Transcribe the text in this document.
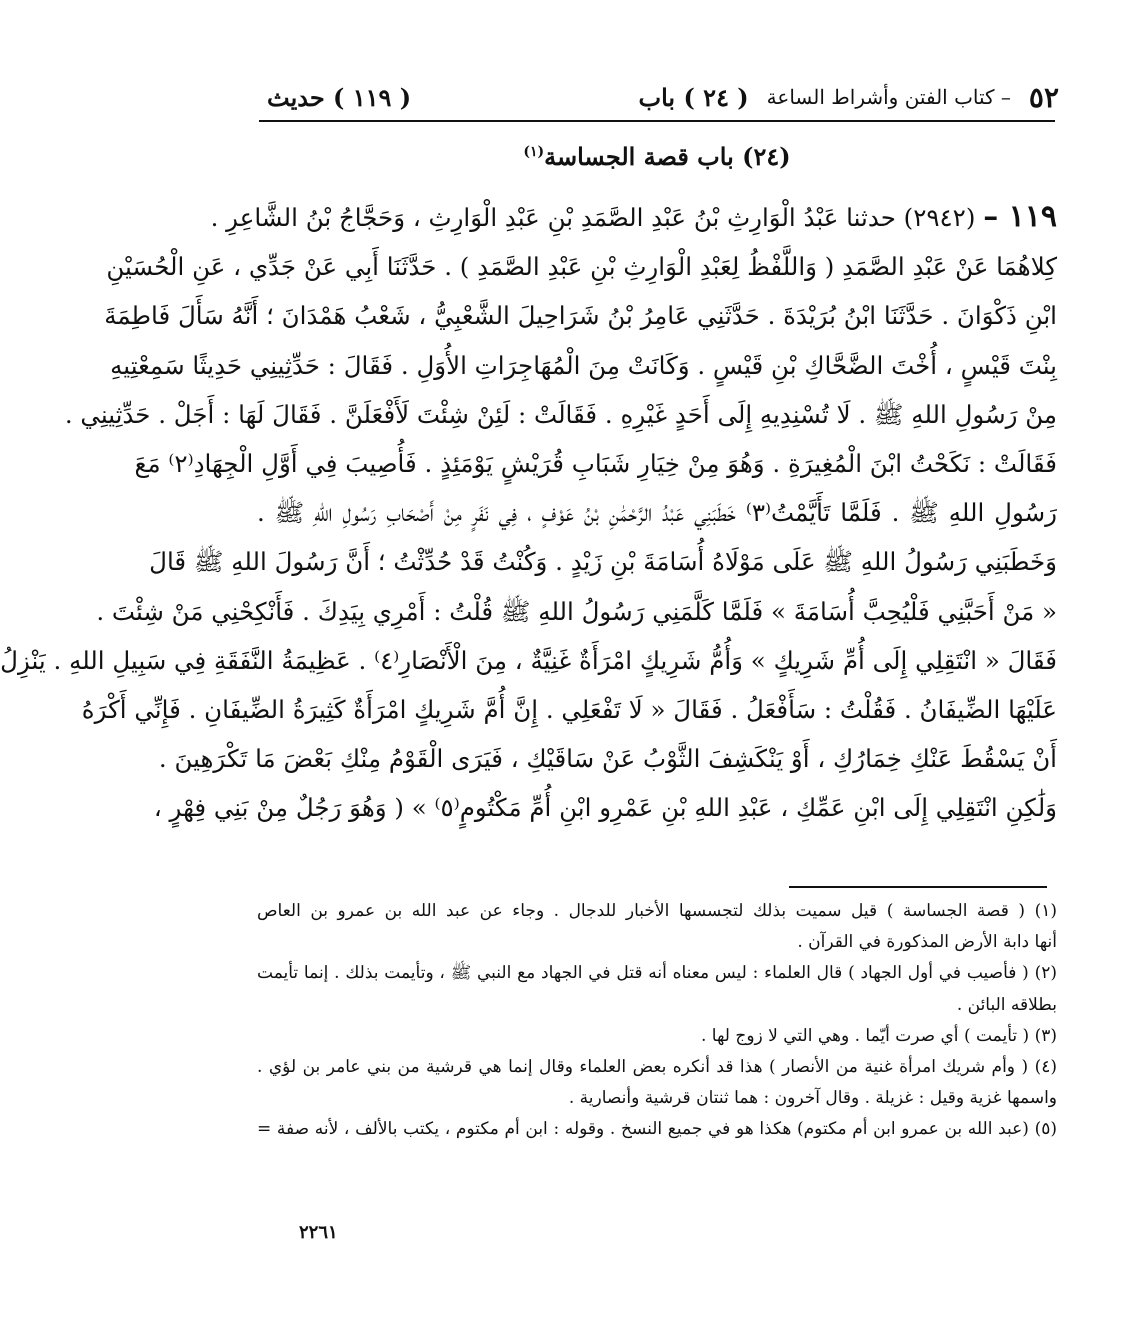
٥٢
– كتاب الفتن وأشراط الساعة
( ٢٤ ) باب
( ١١٩ ) حديث
(٢٤) باب قصة الجساسة$^{(١)}$
١١٩ – (٢٩٤٢) حدثنا عَبْدُ الْوَارِثِ بْنُ عَبْدِ الصَّمَدِ بْنِ عَبْدِ الْوَارِثِ ، وَحَجَّاجُ بْنُ الشَّاعِرِ .
كِلاهُمَا عَنْ عَبْدِ الصَّمَدِ ( وَاللَّفْظُ لِعَبْدِ الْوَارِثِ بْنِ عَبْدِ الصَّمَدِ ) . حَدَّثَنَا أَبِي عَنْ جَدِّي ، عَنِ الْحُسَيْنِ
ابْنِ ذَكْوَانَ . حَدَّثَنَا ابْنُ بُرَيْدَةَ . حَدَّثَنِي عَامِرُ بْنُ شَرَاحِيلَ الشَّعْبِيُّ ، شَعْبُ هَمْدَانَ ؛ أَنَّهُ سَأَلَ فَاطِمَةَ
بِنْتَ قَيْسٍ ، أُخْتَ الضَّحَّاكِ بْنِ قَيْسٍ . وَكَانَتْ مِنَ الْمُهَاجِرَاتِ الأُوَلِ . فَقَالَ : حَدِّثِينِي حَدِيثًا سَمِعْتِيهِ
مِنْ رَسُولِ اللهِ ﷺ . لَا تُسْنِدِيهِ إِلَى أَحَدٍ غَيْرِهِ . فَقَالَتْ : لَئِنْ شِئْتَ لَأَفْعَلَنَّ . فَقَالَ لَهَا : أَجَلْ . حَدِّثِينِي .
فَقَالَتْ : نَكَحْتُ ابْنَ الْمُغِيرَةِ . وَهُوَ مِنْ خِيَارِ شَبَابِ قُرَيْشٍ يَوْمَئِذٍ . فَأُصِيبَ فِي أَوَّلِ الْجِهَادِ⁽٢⁾ مَعَ
رَسُولِ اللهِ ﷺ . فَلَمَّا تَأَيَّمْتُ⁽٣⁾ خَطَبَنِي عَبْدُ الرَّحْمَٰنِ بْنُ عَوْفٍ ، فِي نَفَرٍ مِنْ أَصْحَابِ رَسُولِ اللهِ ﷺ .
وَخَطَبَنِي رَسُولُ اللهِ ﷺ عَلَى مَوْلَاهُ أُسَامَةَ بْنِ زَيْدٍ . وَكُنْتُ قَدْ حُدِّثْتُ ؛ أَنَّ رَسُولَ اللهِ ﷺ قَالَ
« مَنْ أَحَبَّنِي فَلْيُحِبَّ أُسَامَةَ » فَلَمَّا كَلَّمَنِي رَسُولُ اللهِ ﷺ قُلْتُ : أَمْرِي بِيَدِكَ . فَأَنْكِحْنِي مَنْ شِئْتَ .
فَقَالَ « انْتَقِلِي إِلَى أُمِّ شَرِيكٍ » وَأُمُّ شَرِيكٍ امْرَأَةٌ غَنِيَّةٌ ، مِنَ الْأَنْصَارِ⁽٤⁾ . عَظِيمَةُ النَّفَقَةِ فِي سَبِيلِ اللهِ . يَنْزِلُ
عَلَيْهَا الضِّيفَانُ . فَقُلْتُ : سَأَفْعَلُ . فَقَالَ « لَا تَفْعَلِي . إِنَّ أُمَّ شَرِيكٍ امْرَأَةٌ كَثِيرَةُ الضِّيفَانِ . فَإِنِّي أَكْرَهُ
أَنْ يَسْقُطَ عَنْكِ خِمَارُكِ ، أَوْ يَنْكَشِفَ الثَّوْبُ عَنْ سَاقَيْكِ ، فَيَرَى الْقَوْمُ مِنْكِ بَعْضَ مَا تَكْرَهِينَ .
وَلَٰكِنِ انْتَقِلِي إِلَى ابْنِ عَمِّكِ ، عَبْدِ اللهِ بْنِ عَمْرِو ابْنِ أُمِّ مَكْتُومٍ⁽٥⁾ » ( وَهُوَ رَجُلٌ مِنْ بَنِي فِهْرٍ ،
(١) ( قصة الجساسة ) قيل سميت بذلك لتجسسها الأخبار للدجال . وجاء عن عبد الله بن عمرو بن العاص
أنها دابة الأرض المذكورة في القرآن .
(٢) ( فأصيب في أول الجهاد ) قال العلماء : ليس معناه أنه قتل في الجهاد مع النبي ﷺ ، وتأيمت بذلك . إنما تأيمت
بطلاقه البائن .
(٣) ( تأيمت ) أي صرت أيّما . وهي التي لا زوج لها .
(٤) ( وأم شريك امرأة غنية من الأنصار ) هذا قد أنكره بعض العلماء وقال إنما هي قرشية من بني عامر بن لؤي .
واسمها غزية وقيل : غزيلة . وقال آخرون : هما ثنتان قرشية وأنصارية .
(٥) (عبد الله بن عمرو ابن أم مكتوم) هكذا هو في جميع النسخ . وقوله : ابن أم مكتوم ، يكتب بالألف ، لأنه صفة =
٢٢٦١
